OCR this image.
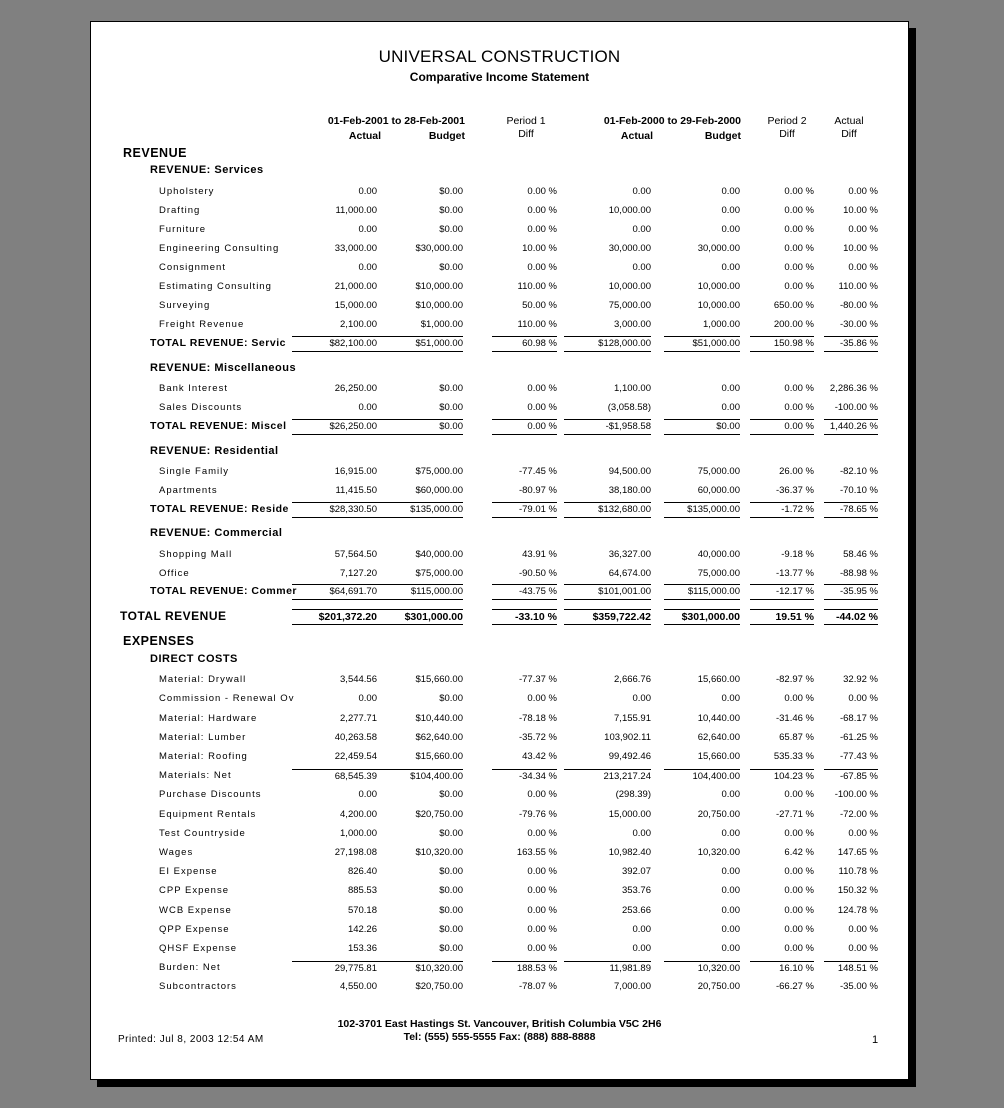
UNIVERSAL CONSTRUCTION
Comparative Income Statement
01-Feb-2001 to 28-Feb-2001
Actual	Budget
Period 1
Diff
01-Feb-2000 to 29-Feb-2000
Actual	Budget
Period 2
Diff
Actual
Diff
REVENUE
REVENUE: Services
REVENUE: Miscellaneous
REVENUE: Residential
REVENUE: Commercial
EXPENSES
DIRECT COSTS
Upholstery	0.00	$0.00	0.00 %	0.00	0.00	0.00 %	0.00 %
Drafting	11,000.00	$0.00	0.00 %	10,000.00	0.00	0.00 %	10.00 %
Furniture	0.00	$0.00	0.00 %	0.00	0.00	0.00 %	0.00 %
Engineering Consulting	33,000.00	$30,000.00	10.00 %	30,000.00	30,000.00	0.00 %	10.00 %
Consignment	0.00	$0.00	0.00 %	0.00	0.00	0.00 %	0.00 %
Estimating Consulting	21,000.00	$10,000.00	110.00 %	10,000.00	10,000.00	0.00 %	110.00 %
Surveying	15,000.00	$10,000.00	50.00 %	75,000.00	10,000.00	650.00 %	-80.00 %
Freight Revenue	2,100.00	$1,000.00	110.00 %	3,000.00	1,000.00	200.00 %	-30.00 %
TOTAL REVENUE: Servic	$82,100.00	$51,000.00	60.98 %	$128,000.00	$51,000.00	150.98 %	-35.86 %
Bank Interest	26,250.00	$0.00	0.00 %	1,100.00	0.00	0.00 %	2,286.36 %
Sales Discounts	0.00	$0.00	0.00 %	(3,058.58)	0.00	0.00 %	-100.00 %
TOTAL REVENUE: Miscel	$26,250.00	$0.00	0.00 %	-$1,958.58	$0.00	0.00 %	1,440.26 %
Single Family	16,915.00	$75,000.00	-77.45 %	94,500.00	75,000.00	26.00 %	-82.10 %
Apartments	11,415.50	$60,000.00	-80.97 %	38,180.00	60,000.00	-36.37 %	-70.10 %
TOTAL REVENUE: Reside	$28,330.50	$135,000.00	-79.01 %	$132,680.00	$135,000.00	-1.72 %	-78.65 %
Shopping Mall	57,564.50	$40,000.00	43.91 %	36,327.00	40,000.00	-9.18 %	58.46 %
Office	7,127.20	$75,000.00	-90.50 %	64,674.00	75,000.00	-13.77 %	-88.98 %
TOTAL REVENUE: Commer	$64,691.70	$115,000.00	-43.75 %	$101,001.00	$115,000.00	-12.17 %	-35.95 %
TOTAL REVENUE	$201,372.20	$301,000.00	-33.10 %	$359,722.42	$301,000.00	19.51 %	-44.02 %
Material: Drywall	3,544.56	$15,660.00	-77.37 %	2,666.76	15,660.00	-82.97 %	32.92 %
Commission - Renewal Ov	0.00	$0.00	0.00 %	0.00	0.00	0.00 %	0.00 %
Material: Hardware	2,277.71	$10,440.00	-78.18 %	7,155.91	10,440.00	-31.46 %	-68.17 %
Material: Lumber	40,263.58	$62,640.00	-35.72 %	103,902.11	62,640.00	65.87 %	-61.25 %
Material: Roofing	22,459.54	$15,660.00	43.42 %	99,492.46	15,660.00	535.33 %	-77.43 %
Materials: Net	68,545.39	$104,400.00	-34.34 %	213,217.24	104,400.00	104.23 %	-67.85 %
Purchase Discounts	0.00	$0.00	0.00 %	(298.39)	0.00	0.00 %	-100.00 %
Equipment Rentals	4,200.00	$20,750.00	-79.76 %	15,000.00	20,750.00	-27.71 %	-72.00 %
Test Countryside	1,000.00	$0.00	0.00 %	0.00	0.00	0.00 %	0.00 %
Wages	27,198.08	$10,320.00	163.55 %	10,982.40	10,320.00	6.42 %	147.65 %
EI Expense	826.40	$0.00	0.00 %	392.07	0.00	0.00 %	110.78 %
CPP Expense	885.53	$0.00	0.00 %	353.76	0.00	0.00 %	150.32 %
WCB Expense	570.18	$0.00	0.00 %	253.66	0.00	0.00 %	124.78 %
QPP Expense	142.26	$0.00	0.00 %	0.00	0.00	0.00 %	0.00 %
QHSF Expense	153.36	$0.00	0.00 %	0.00	0.00	0.00 %	0.00 %
Burden: Net	29,775.81	$10,320.00	188.53 %	11,981.89	10,320.00	16.10 %	148.51 %
Subcontractors	4,550.00	$20,750.00	-78.07 %	7,000.00	20,750.00	-66.27 %	-35.00 %
102-3701 East Hastings St. Vancouver, British Columbia V5C 2H6
Tel: (555) 555-5555 Fax: (888) 888-8888
Printed: Jul 8, 2003 12:54 AM	1
